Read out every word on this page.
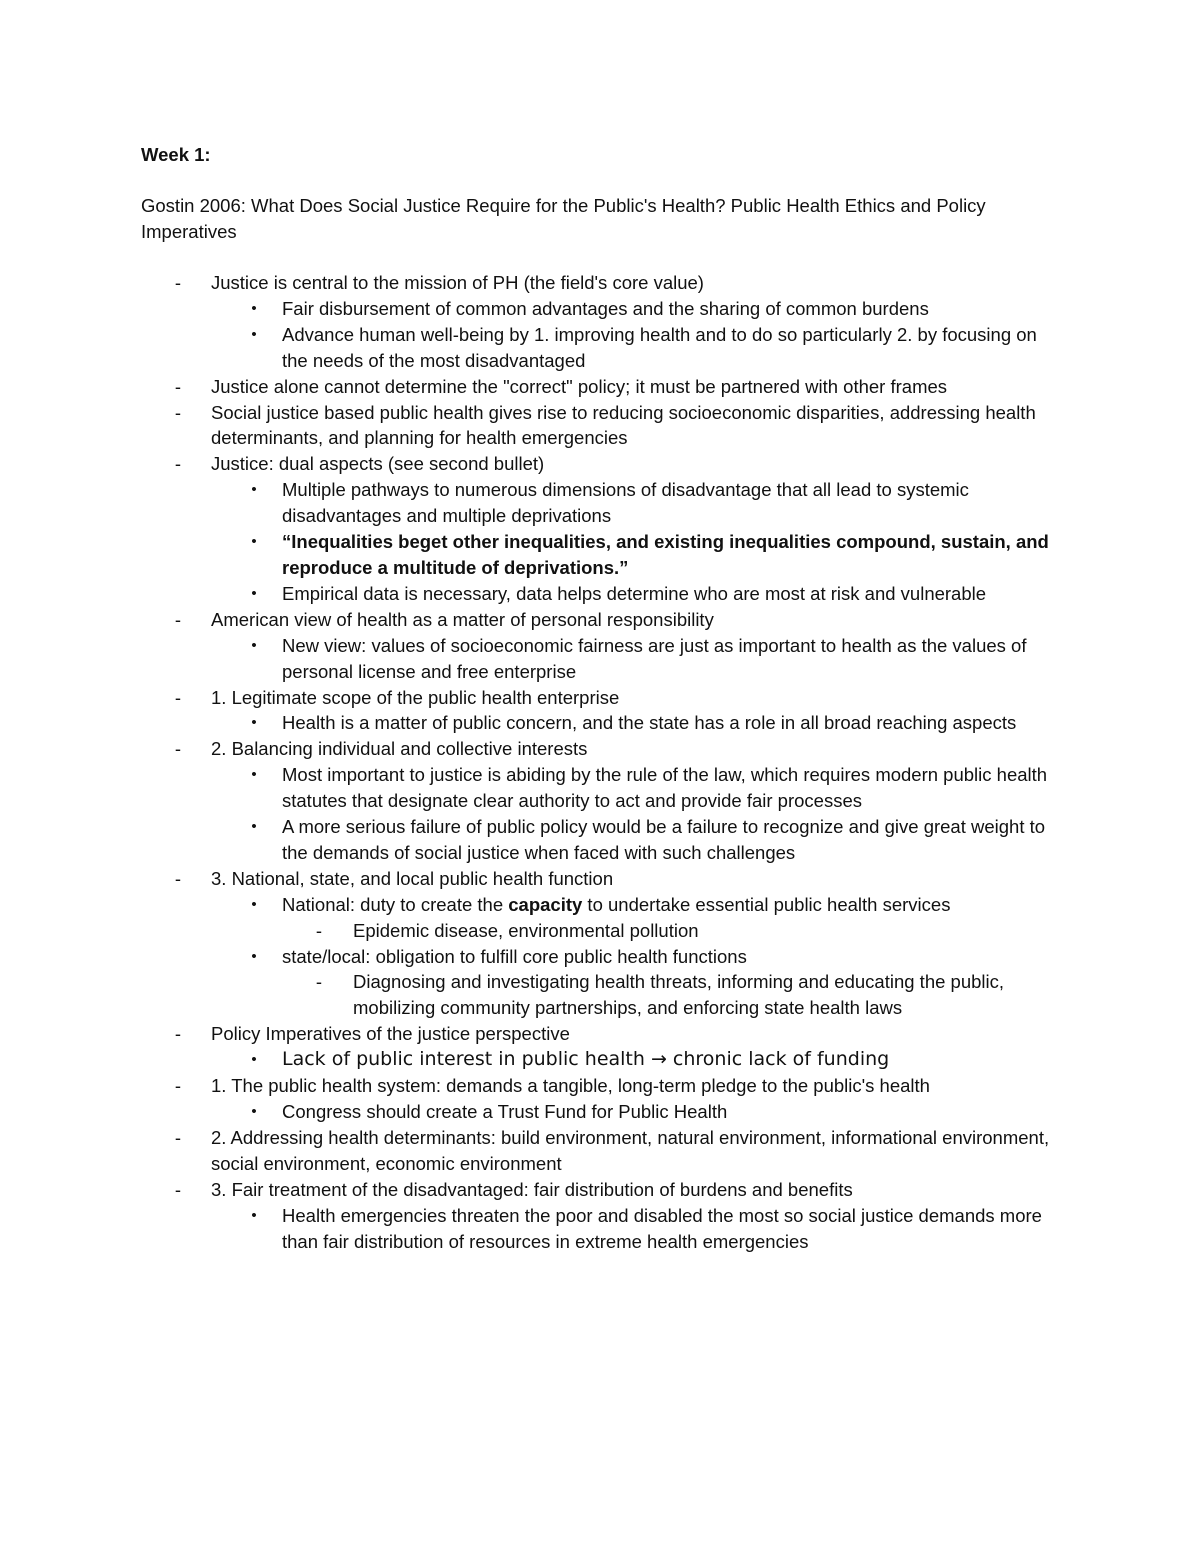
Week 1:
Gostin 2006: What Does Social Justice Require for the Public's Health? Public Health Ethics and Policy Imperatives
-	Justice is central to the mission of PH (the field's core value)
•	Fair disbursement of common advantages and the sharing of common burdens
•	Advance human well-being by 1. improving health and to do so particularly 2. by focusing on the needs of the most disadvantaged
-	Justice alone cannot determine the "correct" policy; it must be partnered with other frames
-	Social justice based public health gives rise to reducing socioeconomic disparities, addressing health determinants, and planning for health emergencies
-	Justice: dual aspects (see second bullet)
•	Multiple pathways to numerous dimensions of disadvantage that all lead to systemic disadvantages and multiple deprivations
•	“Inequalities beget other inequalities, and existing inequalities compound, sustain, and reproduce a multitude of deprivations.”
•	Empirical data is necessary, data helps determine who are most at risk and vulnerable
-	American view of health as a matter of personal responsibility
•	New view: values of socioeconomic fairness are just as important to health as the values of personal license and free enterprise
-	1. Legitimate scope of the public health enterprise
•	Health is a matter of public concern, and the state has a role in all broad reaching aspects
-	2. Balancing individual and collective interests
•	Most important to justice is abiding by the rule of the law, which requires modern public health statutes that designate clear authority to act and provide fair processes
•	A more serious failure of public policy would be a failure to recognize and give great weight to the demands of social justice when faced with such challenges
-	3. National, state, and local public health function
•	National: duty to create the capacity to undertake essential public health services
-	Epidemic disease, environmental pollution
•	state/local: obligation to fulfill core public health functions
-	Diagnosing and investigating health threats, informing and educating the public, mobilizing community partnerships, and enforcing state health laws
-	Policy Imperatives of the justice perspective
•	Lack of public interest in public health → chronic lack of funding
-	1. The public health system: demands a tangible, long-term pledge to the public's health
•	Congress should create a Trust Fund for Public Health
-	2. Addressing health determinants: build environment, natural environment, informational environment, social environment, economic environment
-	3. Fair treatment of the disadvantaged: fair distribution of burdens and benefits
•	Health emergencies threaten the poor and disabled the most so social justice demands more than fair distribution of resources in extreme health emergencies
